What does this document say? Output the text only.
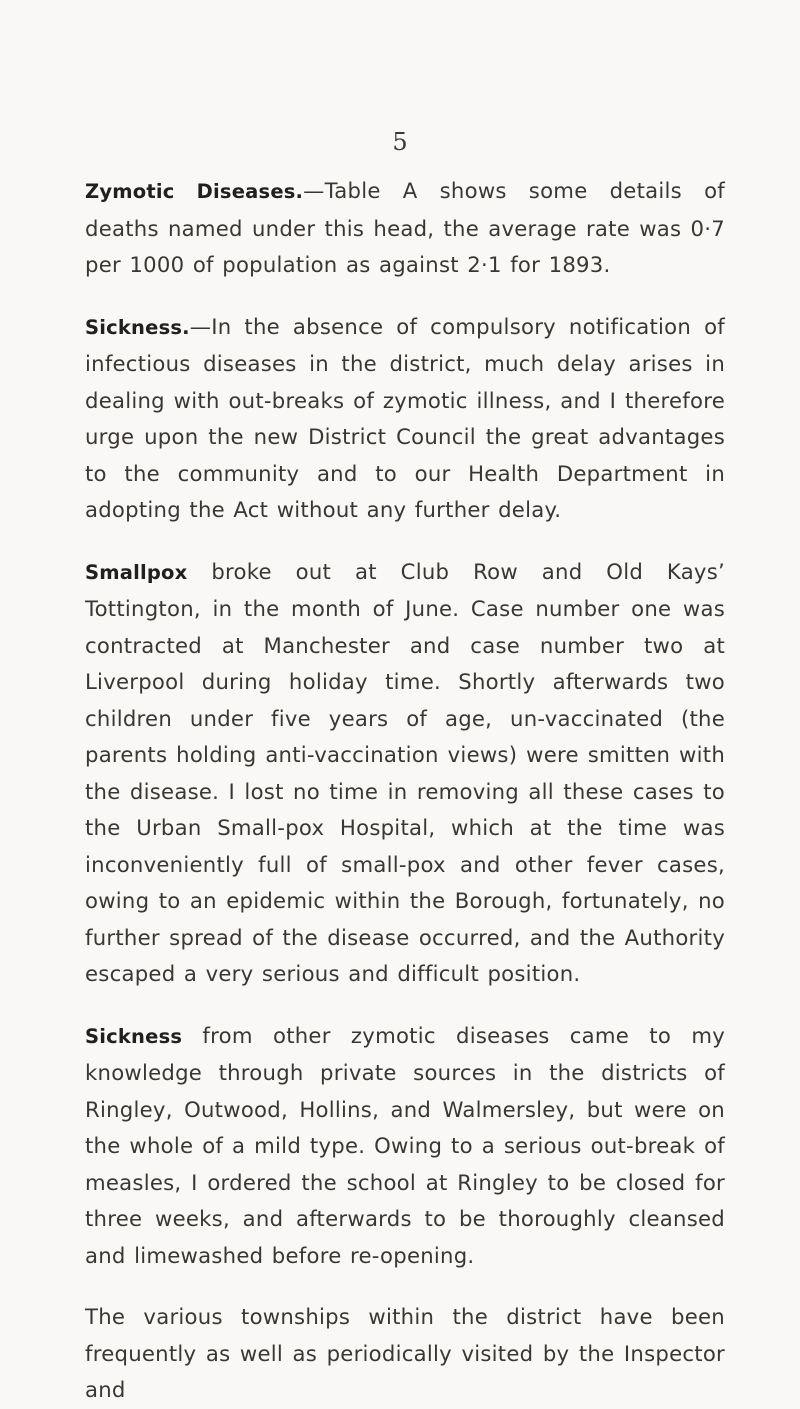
5

Zymotic Diseases.—Table A shows some details of deaths named under this head, the average rate was 0·7 per 1000 of population as against 2·1 for 1893.

Sickness.—In the absence of compulsory notification of infectious diseases in the district, much delay arises in dealing with out-breaks of zymotic illness, and I therefore urge upon the new District Council the great advantages to the community and to our Health Department in adopting the Act without any further delay.

Smallpox broke out at Club Row and Old Kays’ Tottington, in the month of June. Case number one was contracted at Manchester and case number two at Liverpool during holiday time. Shortly afterwards two children under five years of age, un-vaccinated (the parents holding anti-vaccination views) were smitten with the disease. I lost no time in removing all these cases to the Urban Small-pox Hospital, which at the time was inconveniently full of small-pox and other fever cases, owing to an epidemic within the Borough, fortunately, no further spread of the disease occurred, and the Authority escaped a very serious and difficult position.

Sickness from other zymotic diseases came to my knowledge through private sources in the districts of Ringley, Outwood, Hollins, and Walmersley, but were on the whole of a mild type. Owing to a serious out-break of measles, I ordered the school at Ringley to be closed for three weeks, and afterwards to be thoroughly cleansed and limewashed before re-opening.

The various townships within the district have been frequently as well as periodically visited by the Inspector and
